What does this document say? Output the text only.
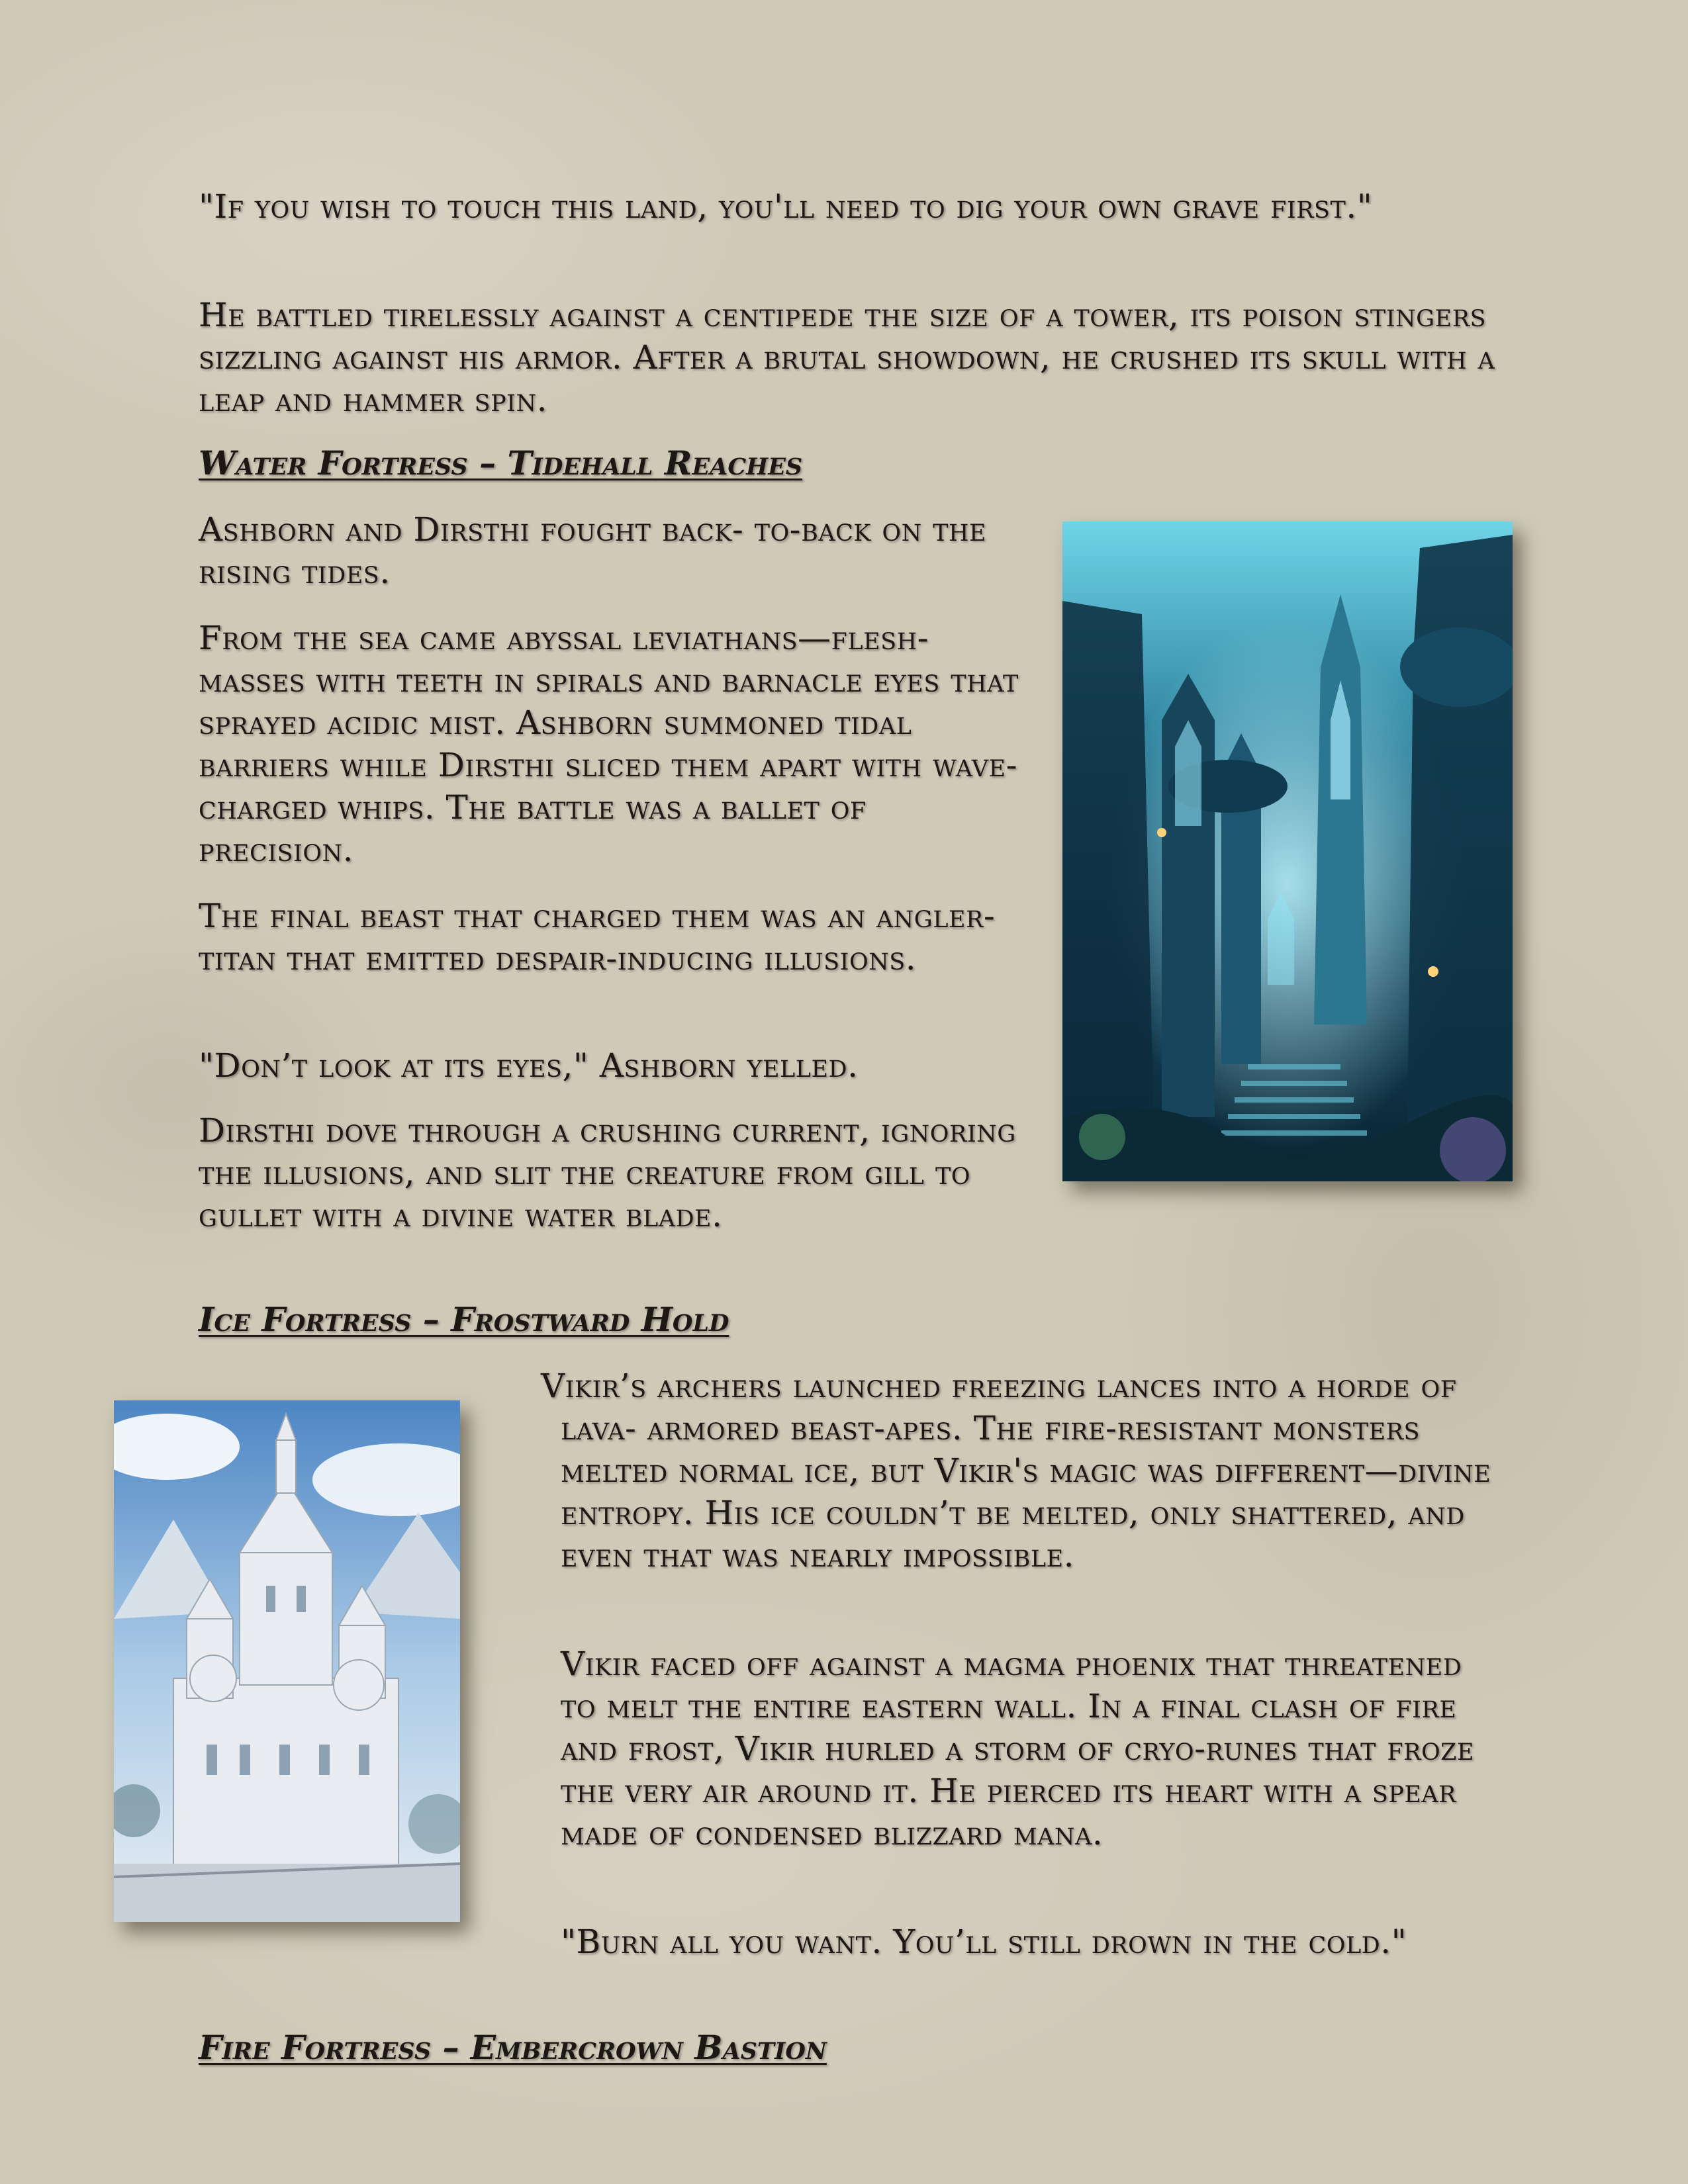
"If you wish to touch this land, you'll need to dig your own grave first."

He battled tirelessly against a centipede the size of a tower, its poison stingers sizzling against his armor. After a brutal showdown, he crushed its skull with a leap and hammer spin.

Water Fortress – Tidehall Reaches

Ashborn and Dirsthi fought back- to-back on the rising tides.

From the sea came abyssal leviathans—flesh-masses with teeth in spirals and barnacle eyes that sprayed acidic mist. Ashborn summoned tidal barriers while Dirsthi sliced them apart with wave-charged whips. The battle was a ballet of precision.

The final beast that charged them was an angler-titan that emitted despair-inducing illusions.

"Don’t look at its eyes," Ashborn yelled.

Dirsthi dove through a crushing current, ignoring the illusions, and slit the creature from gill to gullet with a divine water blade.

Ice Fortress – Frostward Hold

Vikir’s archers launched freezing lances into a horde of lava- armored beast-apes. The fire-resistant monsters melted normal ice, but Vikir's magic was different—divine entropy. His ice couldn’t be melted, only shattered, and even that was nearly impossible.

Vikir faced off against a magma phoenix that threatened to melt the entire eastern wall. In a final clash of fire and frost, Vikir hurled a storm of cryo-runes that froze the very air around it. He pierced its heart with a spear made of condensed blizzard mana.

"Burn all you want. You’ll still drown in the cold."

Fire Fortress – Embercrown Bastion
